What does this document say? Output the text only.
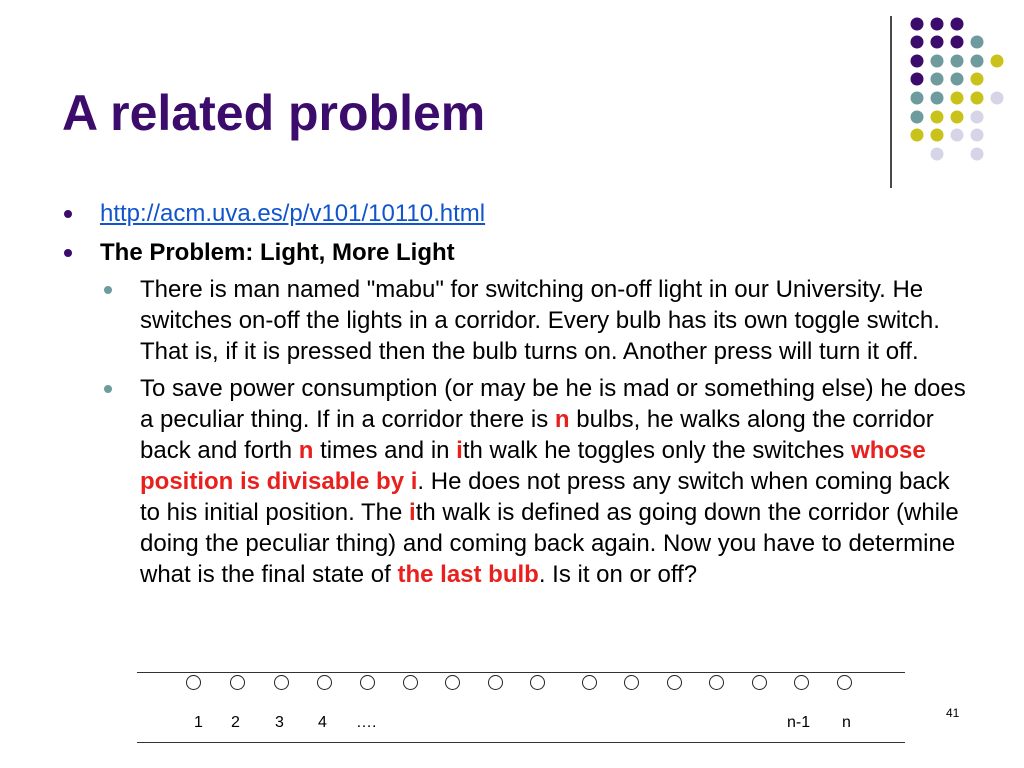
A related problem
http://acm.uva.es/p/v101/10110.html
The Problem: Light, More Light
There is man named "mabu" for switching on-off light in our University. He switches on-off the lights in a corridor. Every bulb has its own toggle switch. That is, if it is pressed then the bulb turns on. Another press will turn it off.
To save power consumption (or may be he is mad or something else) he does a peculiar thing. If in a corridor there is n bulbs, he walks along the corridor back and forth n times and in ith walk he toggles only the switches whose position is divisable by i. He does not press any switch when coming back to his initial position. The ith walk is defined as going down the corridor (while doing the peculiar thing) and coming back again. Now you have to determine what is the final state of the last bulb. Is it on or off?
1 2 3 4 ….	n-1 n
41
